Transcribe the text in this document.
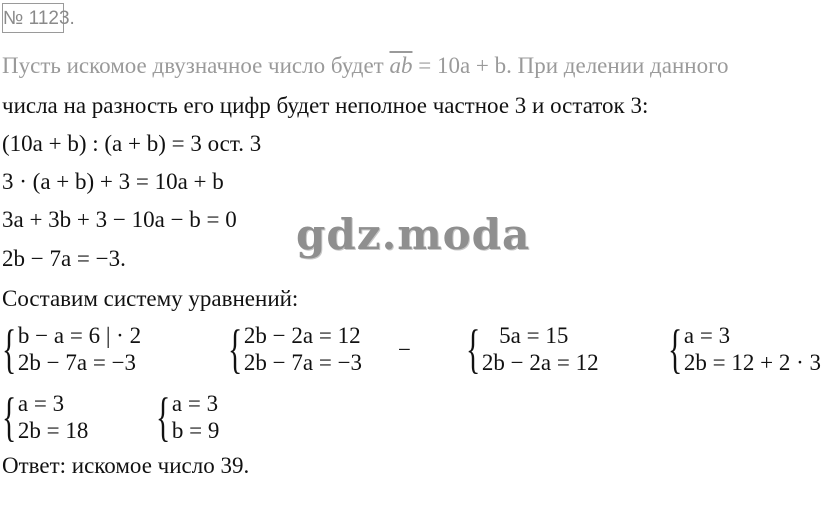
№ 1123.
Пусть искомое двузначное число будет $\overline{ab} = 10a + b$. При делении данного
числа на разность его цифр будет неполное частное 3 и остаток 3:
(10a + b) : (a + b) = 3 ост. 3
3 · (a + b) + 3 = 10a + b
3a + 3b + 3 − 10a − b = 0
2b − 7a = −3.	gdz.moda
Составим систему уравнений:
{ b − a = 6 | · 2
2b − 7a = −3 { 2b − 2a = 12
2b − 7a = −3
− { 5a = 15
2b − 2a = 12 { a = 3
2b = 12 + 2 · 3
{ a = 3
2b = 18 { a = 3
b = 9
Ответ: искомое число 39.
